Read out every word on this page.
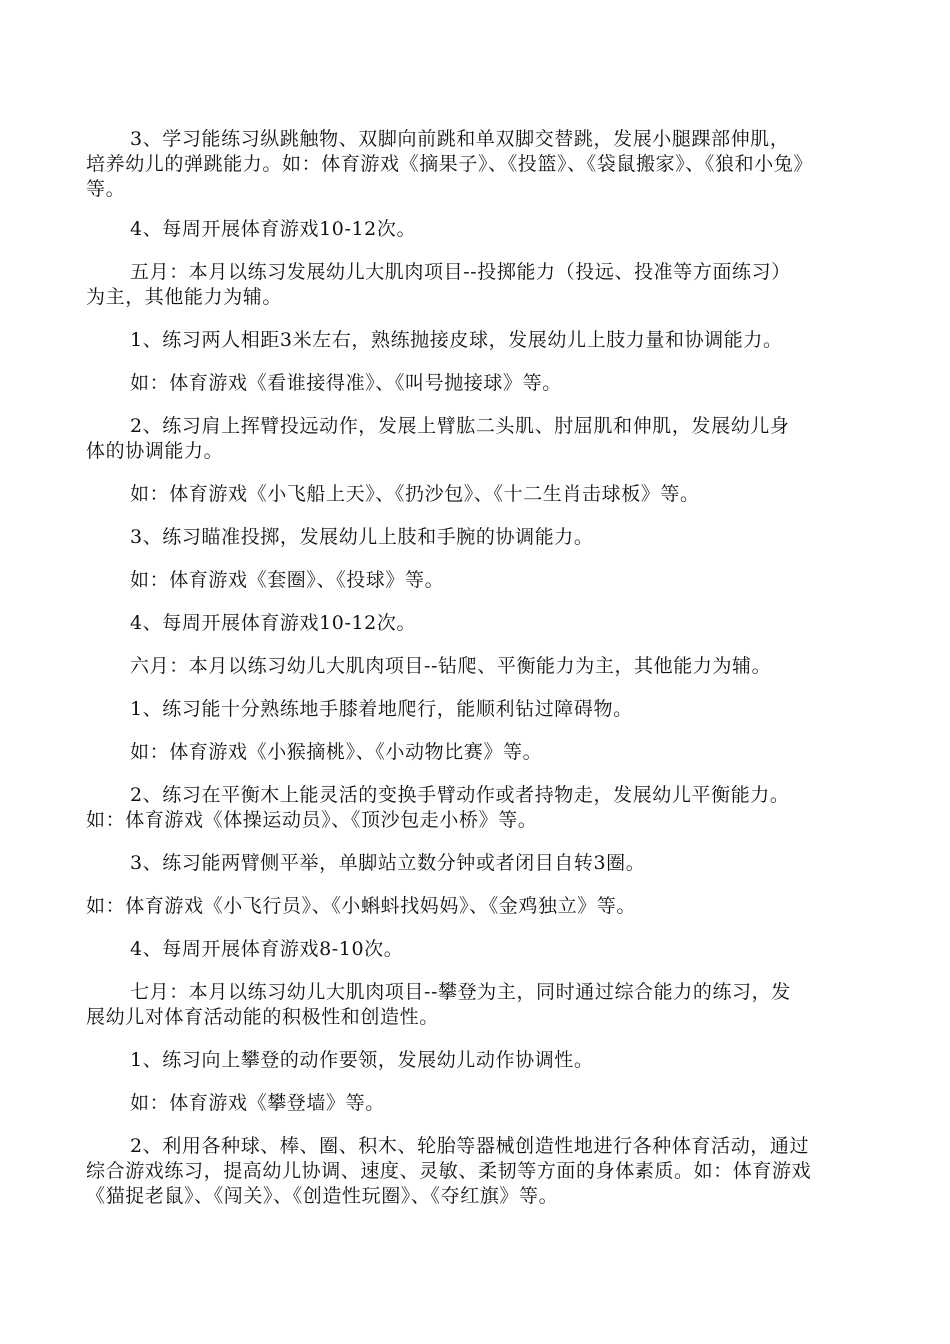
3、学习能练习纵跳触物、双脚向前跳和单双脚交替跳，发展小腿踝部伸肌，
培养幼儿的弹跳能力。如：体育游戏《摘果子》、《投篮》、《袋鼠搬家》、《狼和小兔》
等。
4、每周开展体育游戏10-12次。
五月：本月以练习发展幼儿大肌肉项目--投掷能力（投远、投准等方面练习）
为主，其他能力为辅。
1、练习两人相距3米左右，熟练抛接皮球，发展幼儿上肢力量和协调能力。
如：体育游戏《看谁接得准》、《叫号抛接球》等。
2、练习肩上挥臂投远动作，发展上臂肱二头肌、肘屈肌和伸肌，发展幼儿身
体的协调能力。
如：体育游戏《小飞船上天》、《扔沙包》、《十二生肖击球板》等。
3、练习瞄准投掷，发展幼儿上肢和手腕的协调能力。
如：体育游戏《套圈》、《投球》等。
4、每周开展体育游戏10-12次。
六月：本月以练习幼儿大肌肉项目--钻爬、平衡能力为主，其他能力为辅。
1、练习能十分熟练地手膝着地爬行，能顺利钻过障碍物。
如：体育游戏《小猴摘桃》、《小动物比赛》等。
2、练习在平衡木上能灵活的变换手臂动作或者持物走，发展幼儿平衡能力。
如：体育游戏《体操运动员》、《顶沙包走小桥》等。
3、练习能两臂侧平举，单脚站立数分钟或者闭目自转3圈。
如：体育游戏《小飞行员》、《小蝌蚪找妈妈》、《金鸡独立》等。
4、每周开展体育游戏8-10次。
七月：本月以练习幼儿大肌肉项目--攀登为主，同时通过综合能力的练习，发
展幼儿对体育活动能的积极性和创造性。
1、练习向上攀登的动作要领，发展幼儿动作协调性。
如：体育游戏《攀登墙》等。
2、利用各种球、棒、圈、积木、轮胎等器械创造性地进行各种体育活动，通过
综合游戏练习，提高幼儿协调、速度、灵敏、柔韧等方面的身体素质。如：体育游戏
《猫捉老鼠》、《闯关》、《创造性玩圈》、《夺红旗》等。
